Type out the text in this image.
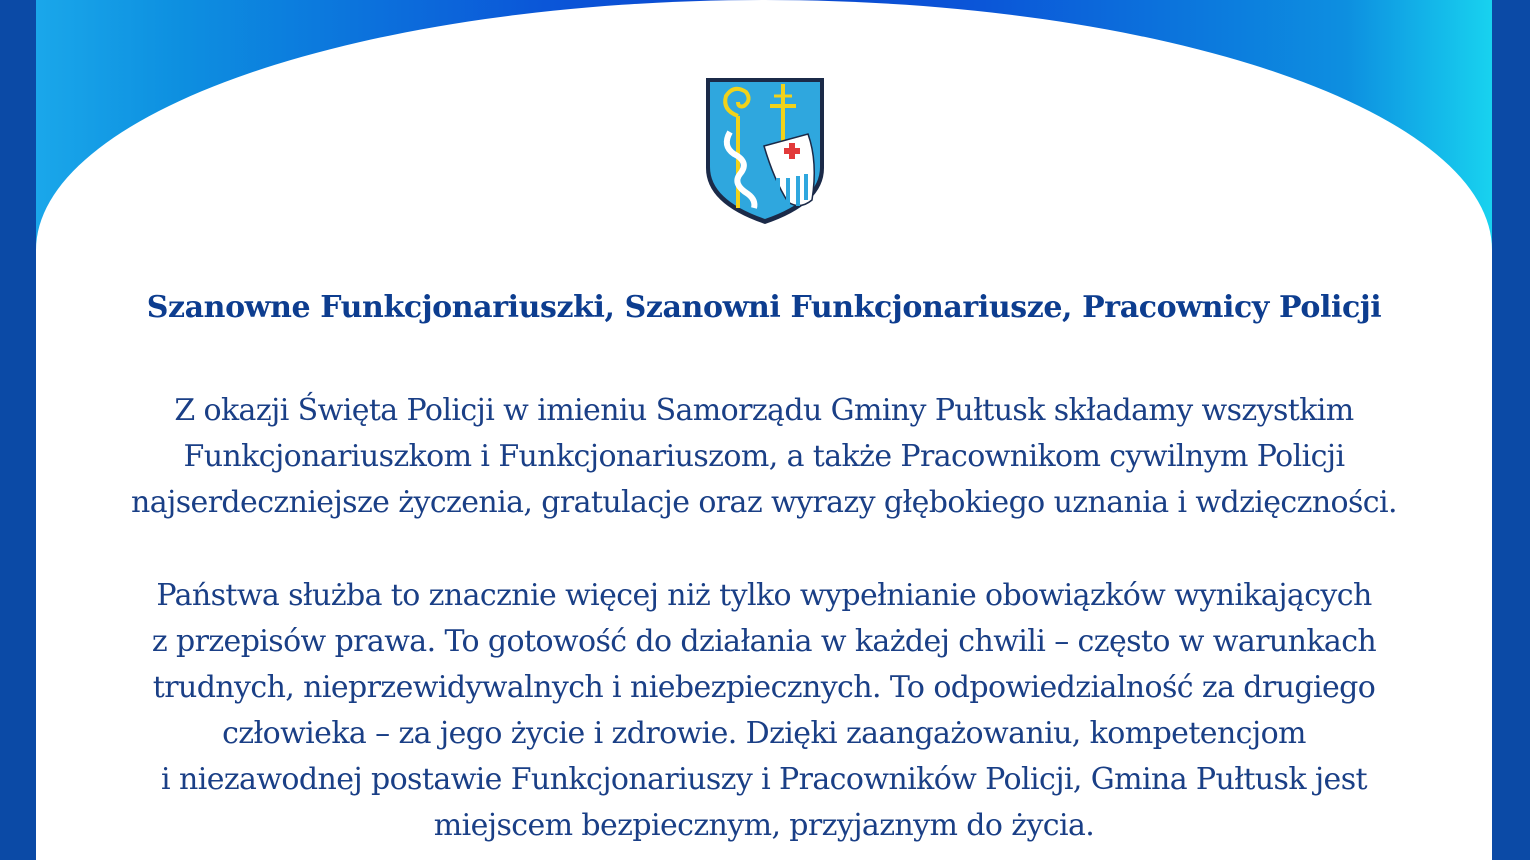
Szanowne Funkcjonariuszki, Szanowni Funkcjonariusze, Pracownicy Policji
Z okazji Święta Policji w imieniu Samorządu Gminy Pułtusk składamy wszystkim
Funkcjonariuszkom i Funkcjonariuszom, a także Pracownikom cywilnym Policji
najserdeczniejsze życzenia, gratulacje oraz wyrazy głębokiego uznania i wdzięczności.
Państwa służba to znacznie więcej niż tylko wypełnianie obowiązków wynikających
z przepisów prawa. To gotowość do działania w każdej chwili – często w warunkach
trudnych, nieprzewidywalnych i niebezpiecznych. To odpowiedzialność za drugiego
człowieka – za jego życie i zdrowie. Dzięki zaangażowaniu, kompetencjom
i niezawodnej postawie Funkcjonariuszy i Pracowników Policji, Gmina Pułtusk jest
miejscem bezpiecznym, przyjaznym do życia.
